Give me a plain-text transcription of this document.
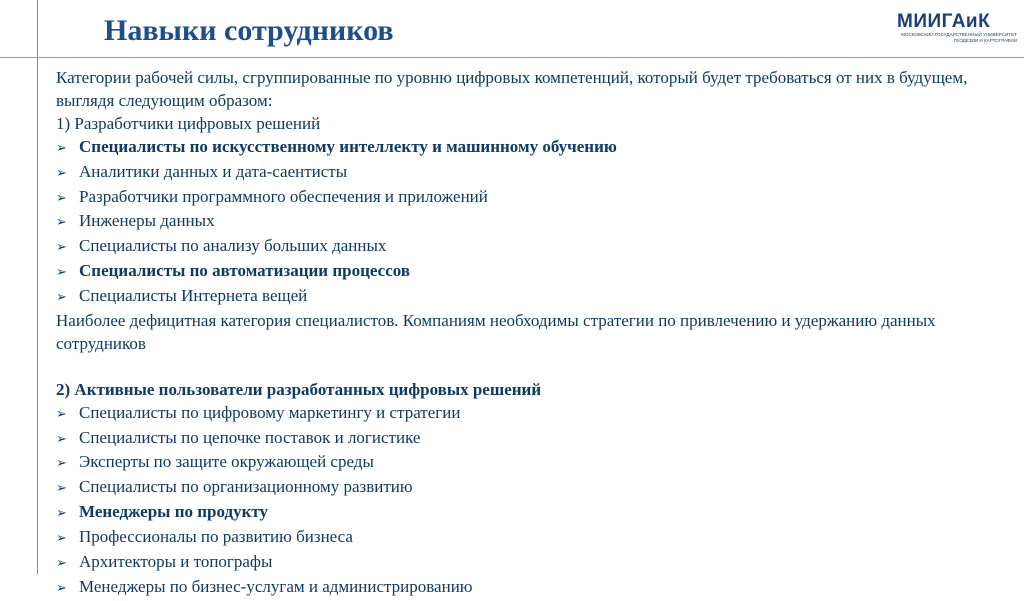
Навыки сотрудников	МИИГАиК
МОСКОВСКИЙ ГОСУДАРСТВЕННЫЙ УНИВЕРСИТЕТ
ГЕОДЕЗИИ И КАРТОГРАФИИ
Категории рабочей силы, сгруппированные по уровню цифровых компетенций, который будет требоваться от них в будущем, выглядя следующим образом:
1) Разработчики цифровых решений
➢ Специалисты по искусственному интеллекту и машинному обучению
➢ Аналитики данных и дата-саентисты
➢ Разработчики программного обеспечения и приложений
➢ Инженеры данных
➢ Специалисты по анализу больших данных
➢ Специалисты по автоматизации процессов
➢ Специалисты Интернета вещей
Наиболее дефицитная категория специалистов. Компаниям необходимы стратегии по привлечению и удержанию данных сотрудников
2) Активные пользователи разработанных цифровых решений
➢ Специалисты по цифровому маркетингу и стратегии
➢ Специалисты по цепочке поставок и логистике
➢ Эксперты по защите окружающей среды
➢ Специалисты по организационному развитию
➢ Менеджеры по продукту
➢ Профессионалы по развитию бизнеса
➢ Архитекторы и топографы
➢ Менеджеры по бизнес-услугам и администрированию
